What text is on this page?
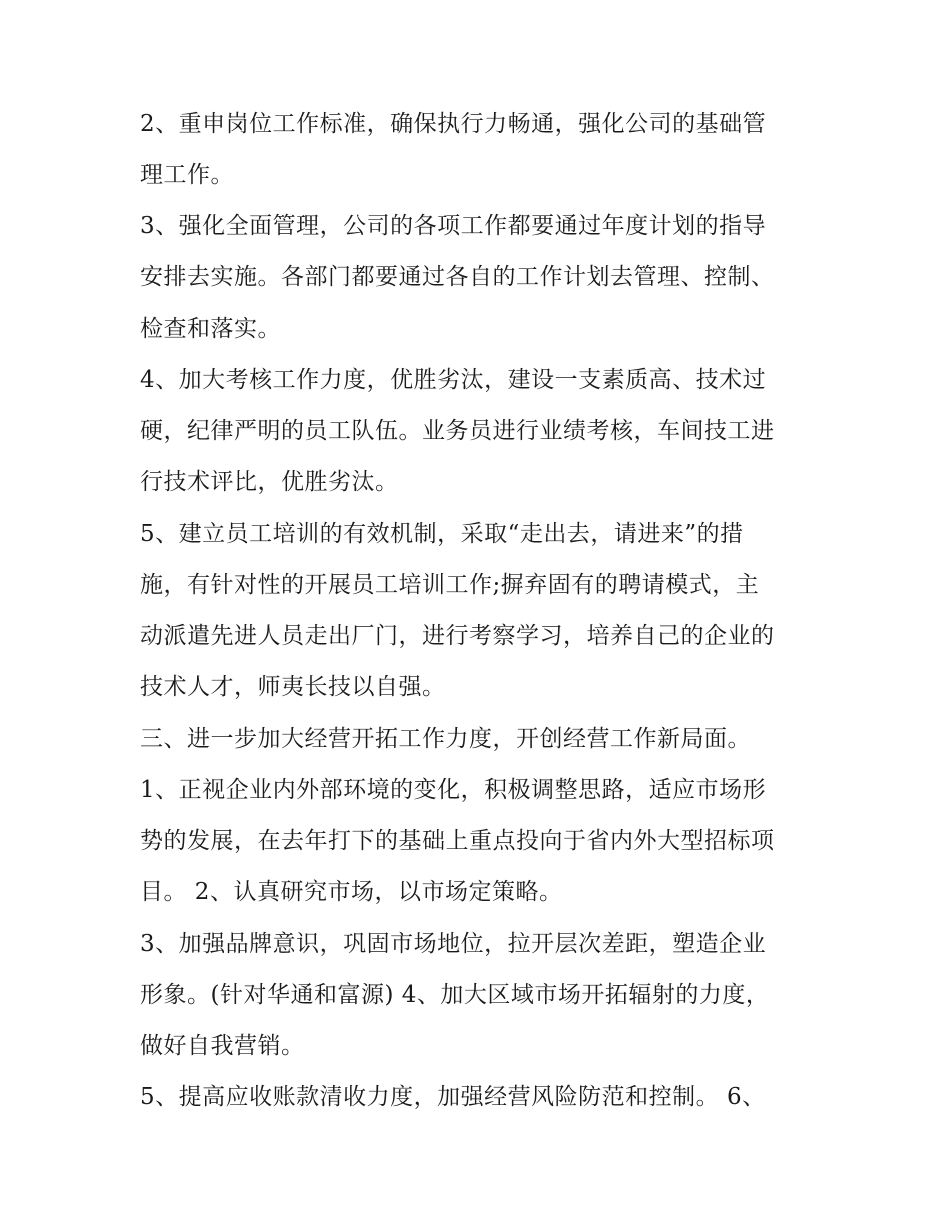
2、重申岗位工作标准，确保执行力畅通，强化公司的基础管
理工作。
3、强化全面管理，公司的各项工作都要通过年度计划的指导
安排去实施。各部门都要通过各自的工作计划去管理、控制、
检查和落实。
4、加大考核工作力度，优胜劣汰，建设一支素质高、技术过
硬，纪律严明的员工队伍。业务员进行业绩考核，车间技工进
行技术评比，优胜劣汰。
5、建立员工培训的有效机制，采取“走出去，请进来”的措
施，有针对性的开展员工培训工作;摒弃固有的聘请模式，主
动派遣先进人员走出厂门，进行考察学习，培养自己的企业的
技术人才，师夷长技以自强。
三、进一步加大经营开拓工作力度，开创经营工作新局面。
1、正视企业内外部环境的变化，积极调整思路，适应市场形
势的发展，在去年打下的基础上重点投向于省内外大型招标项
目。 2、认真研究市场，以市场定策略。
3、加强品牌意识，巩固市场地位，拉开层次差距，塑造企业
形象。(针对华通和富源) 4、加大区域市场开拓辐射的力度，
做好自我营销。
5、提高应收账款清收力度，加强经营风险防范和控制。 6、
